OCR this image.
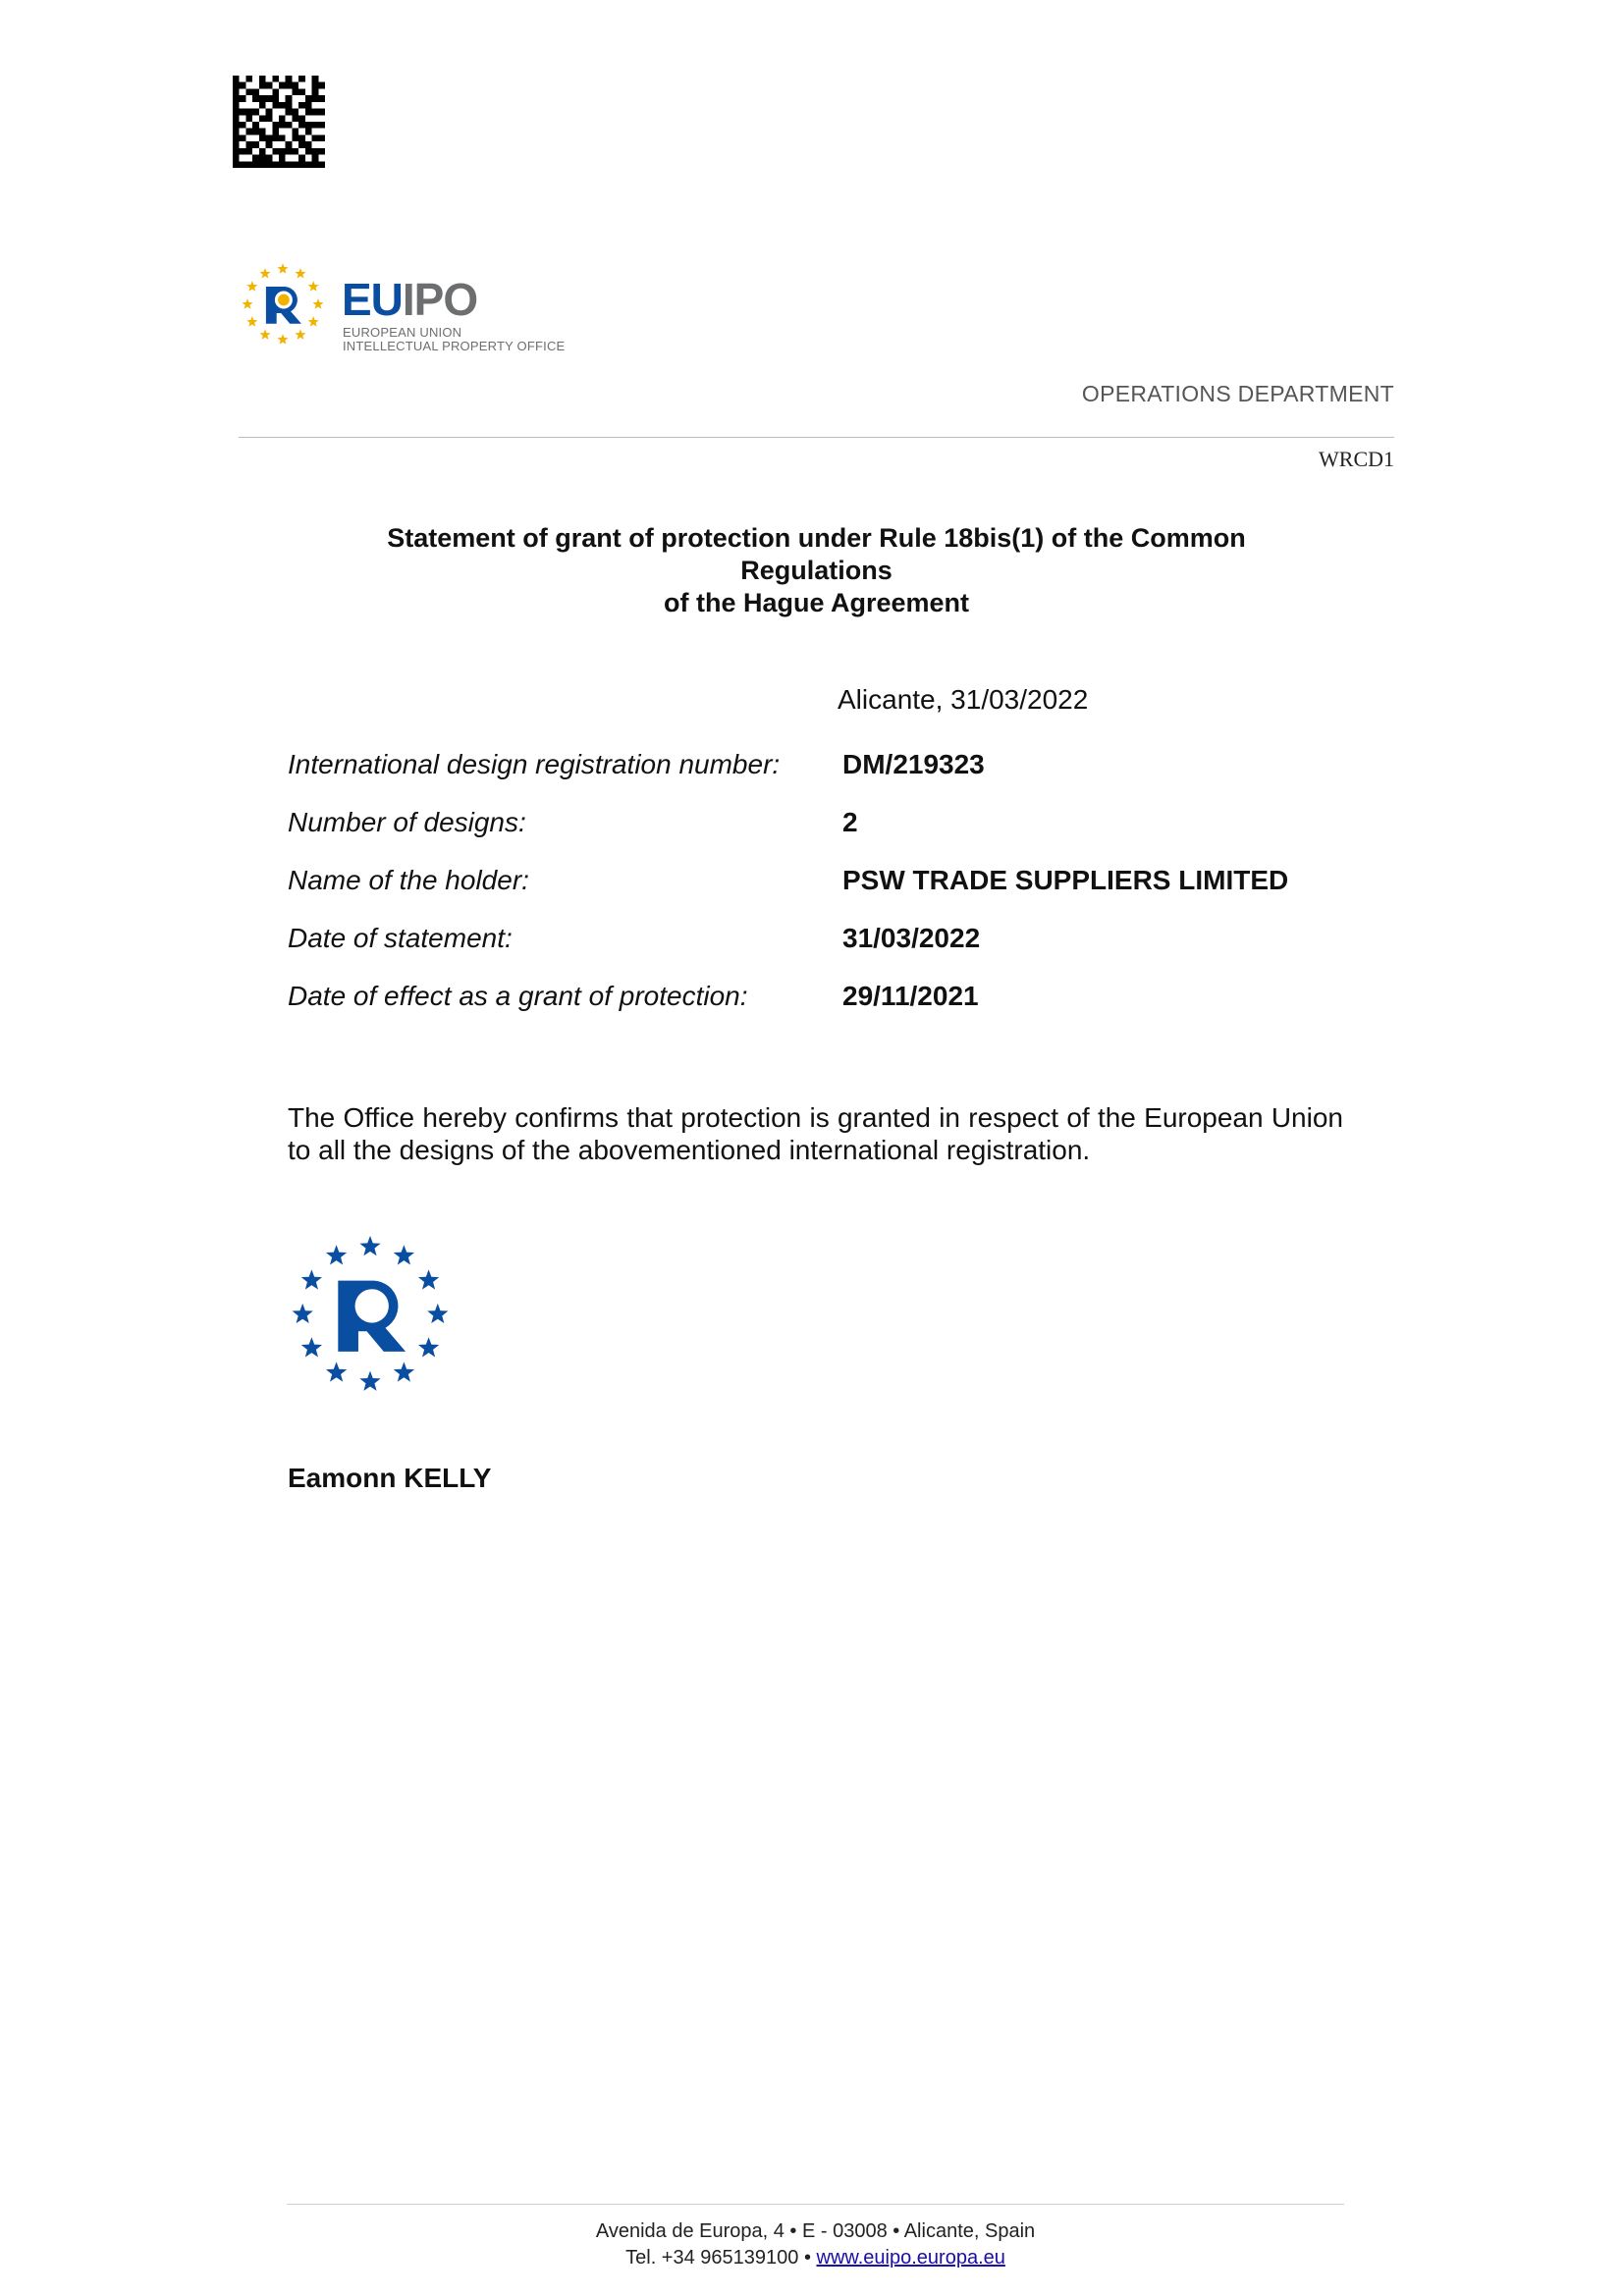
EUIPO
EUROPEAN UNION
INTELLECTUAL PROPERTY OFFICE
OPERATIONS DEPARTMENT
WRCD1
Statement of grant of protection under Rule 18bis(1) of the Common
Regulations
of the Hague Agreement
Alicante, 31/03/2022
International design registration number: DM/219323
Number of designs:	2
Name of the holder:	PSW TRADE SUPPLIERS LIMITED
Date of statement:	31/03/2022
Date of effect as a grant of protection:	29/11/2021
The Office hereby confirms that protection is granted in respect of the European Union to all the designs of the abovementioned international registration.
Eamonn KELLY
Avenida de Europa, 4 • E - 03008 • Alicante, Spain
Tel. +34 965139100 • www.euipo.europa.eu
